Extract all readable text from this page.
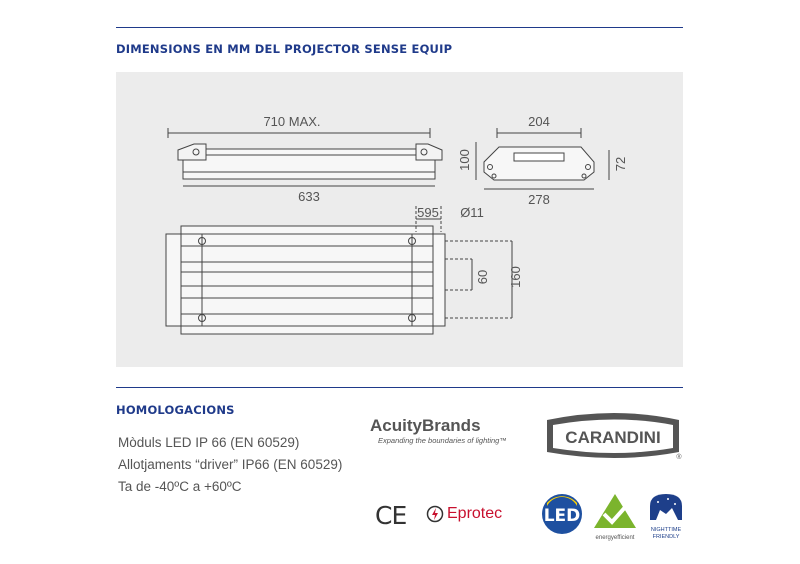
DIMENSIONS EN MM DEL PROJECTOR SENSE EQUIP
710 MAX.
633
100
204
278
72
595 Ø11
60 160
HOMOLOGACIONS
Mòduls LED IP 66 (EN 60529)
Allotjaments “driver” IP66 (EN 60529)
Ta de -40ºC a +60ºC
AcuityBrands
Expanding the boundaries of lighting™	CARANDINI
®
CE	Eprotec LED
energyefficient
NIGHTTIME FRIENDLY
